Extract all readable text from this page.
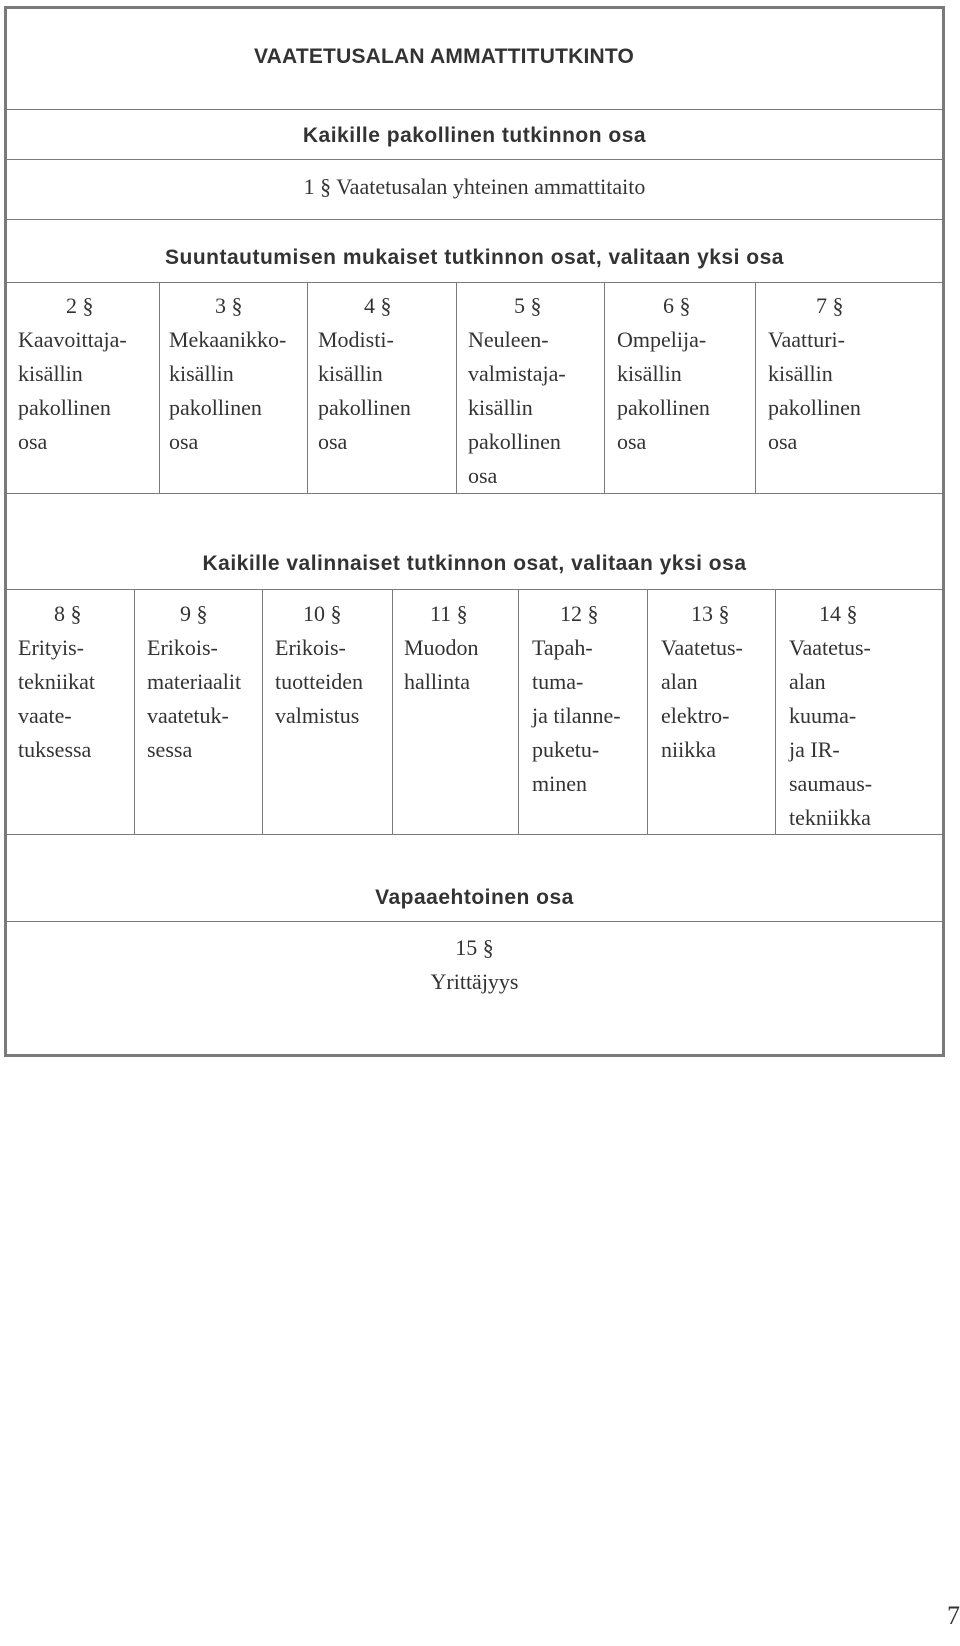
VAATETUSALAN AMMATTITUTKINTO
Kaikille pakollinen tutkinnon osa
1 § Vaatetusalan yhteinen ammattitaito
Suuntautumisen mukaiset tutkinnon osat, valitaan yksi osa
2 §
Kaavoittaja-
kisällin
pakollinen
osa
3 §
Mekaanikko-
kisällin
pakollinen
osa
4 §
Modisti-
kisällin
pakollinen
osa
5 §
Neuleen-
valmistaja-
kisällin
pakollinen
osa
6 §
Ompelija-
kisällin
pakollinen
osa
7 §
Vaatturi-
kisällin
pakollinen
osa
Kaikille valinnaiset tutkinnon osat, valitaan yksi osa
8 §
Erityis-
tekniikat
vaate-
tuksessa
9 §
Erikois-
materiaalit
vaatetuk-
sessa
10 §
Erikois-
tuotteiden
valmistus
11 §
Muodon
hallinta
12 §
Tapah-
tuma-
ja tilanne-
puketu-
minen
13 §
Vaatetus-
alan
elektro-
niikka
14 §
Vaatetus-
alan
kuuma-
ja IR-
saumaus-
tekniikka
Vapaaehtoinen osa
15 §
Yrittäjyys
7
